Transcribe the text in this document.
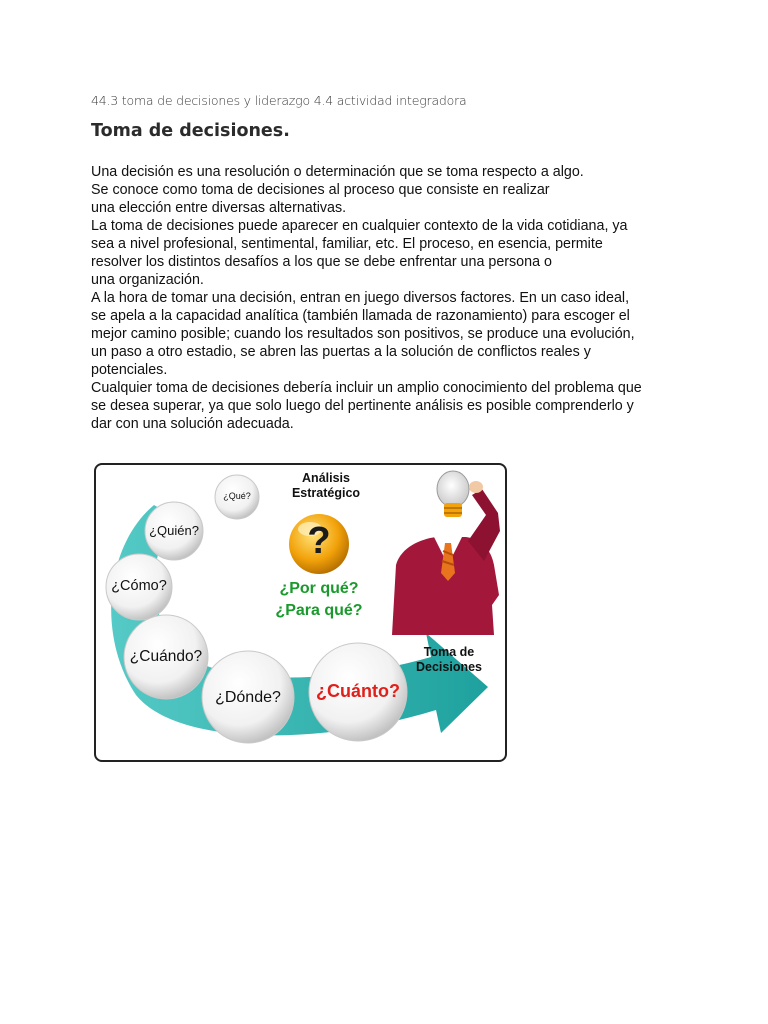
44.3 toma de decisiones y liderazgo 4.4 actividad integradora
Toma de decisiones.

Una decisión es una resolución o determinación que se toma respecto a algo.

Se conoce como toma de decisiones al proceso que consiste en realizar

una elección entre diversas alternativas.

La toma de decisiones puede aparecer en cualquier contexto de la vida cotidiana, ya

sea a nivel profesional, sentimental, familiar, etc. El proceso, en esencia, permite

resolver los distintos desafíos a los que se debe enfrentar una persona o

una organización.

A la hora de tomar una decisión, entran en juego diversos factores. En un caso ideal,

se apela a la capacidad analítica (también llamada de razonamiento) para escoger el

mejor camino posible; cuando los resultados son positivos, se produce una evolución,

un paso a otro estadio, se abren las puertas a la solución de conflictos reales y

potenciales.

Cualquier toma de decisiones debería incluir un amplio conocimiento del problema que

se desea superar, ya que solo luego del pertinente análisis es posible comprenderlo y

dar con una solución adecuada.

Análisis
Estratégico
?
¿Por qué?
¿Para qué?
Toma de
Decisiones
¿Qué?
¿Quién?
¿Cómo?
¿Cuándo?
¿Dónde?	¿Cuánto?
